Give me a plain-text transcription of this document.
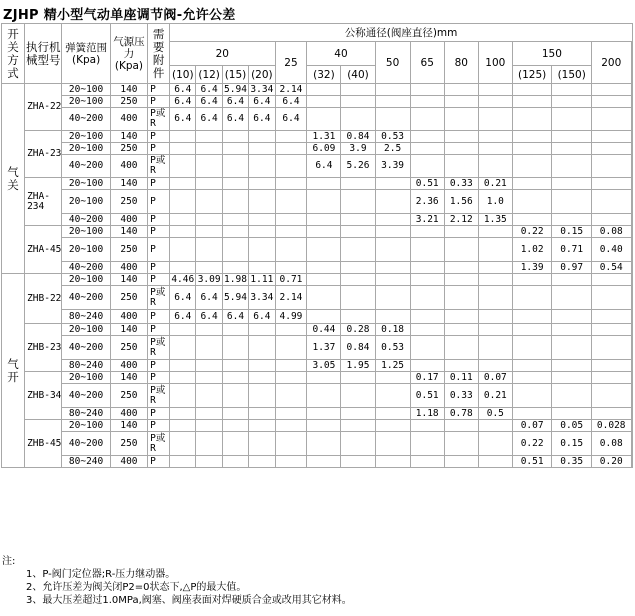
ZJHP 精小型气动单座调节阀-允许公差
开关方式	执行机械型号	弹簧范围(Kpa)	气源压力(Kpa)	需要附件	公称通径(阀座直径)mm														
					20				25	40		50	65	80	100	150		200	
					(10)	(12)	(15)	(20)		(32)	(40)					(125)	(150)		
气关	ZHA-22	20~100	140	P	6.4	6.4	5.94	3.34	2.14										
		20~100	250	P	6.4	6.4	6.4	6.4	6.4										
		40~200	400	P或R	6.4	6.4	6.4	6.4	6.4										
	ZHA-23	20~100	140	P						1.31	0.84	0.53							
		20~100	250	P						6.09	3.9	2.5							
		40~200	400	P或R						6.4	5.26	3.39							
	ZHA-234	20~100	140	P									0.51	0.33	0.21				
		20~100	250	P									2.36	1.56	1.0				
		40~200	400	P									3.21	2.12	1.35				
	ZHA-45	20~100	140	P												0.22	0.15	0.08	
		20~100	250	P												1.02	0.71	0.40	
		40~200	400	P												1.39	0.97	0.54	
气开	ZHB-22	20~100	140	P	4.46	3.09	1.98	1.11	0.71										
		40~200	250	P或R	6.4	6.4	5.94	3.34	2.14										
		80~240	400	P	6.4	6.4	6.4	6.4	4.99										
	ZHB-23	20~100	140	P						0.44	0.28	0.18							
		40~200	250	P或R						1.37	0.84	0.53							
		80~240	400	P						3.05	1.95	1.25							
	ZHB-34	20~100	140	P									0.17	0.11	0.07				
		40~200	250	P或R									0.51	0.33	0.21				
		80~240	400	P									1.18	0.78	0.5				
	ZHB-45	20~100	140	P												0.07	0.05	0.028	
		40~200	250	P或R												0.22	0.15	0.08	
		80~240	400	P												0.51	0.35	0.20	
注:
1、P-阀门定位器;R-压力继动器。
2、允许压差为阀关闭P2=0状态下,△P的最大值。
3、最大压差超过1.0MPa,阀塞、阀座表面对焊硬质合金或改用其它材料。
